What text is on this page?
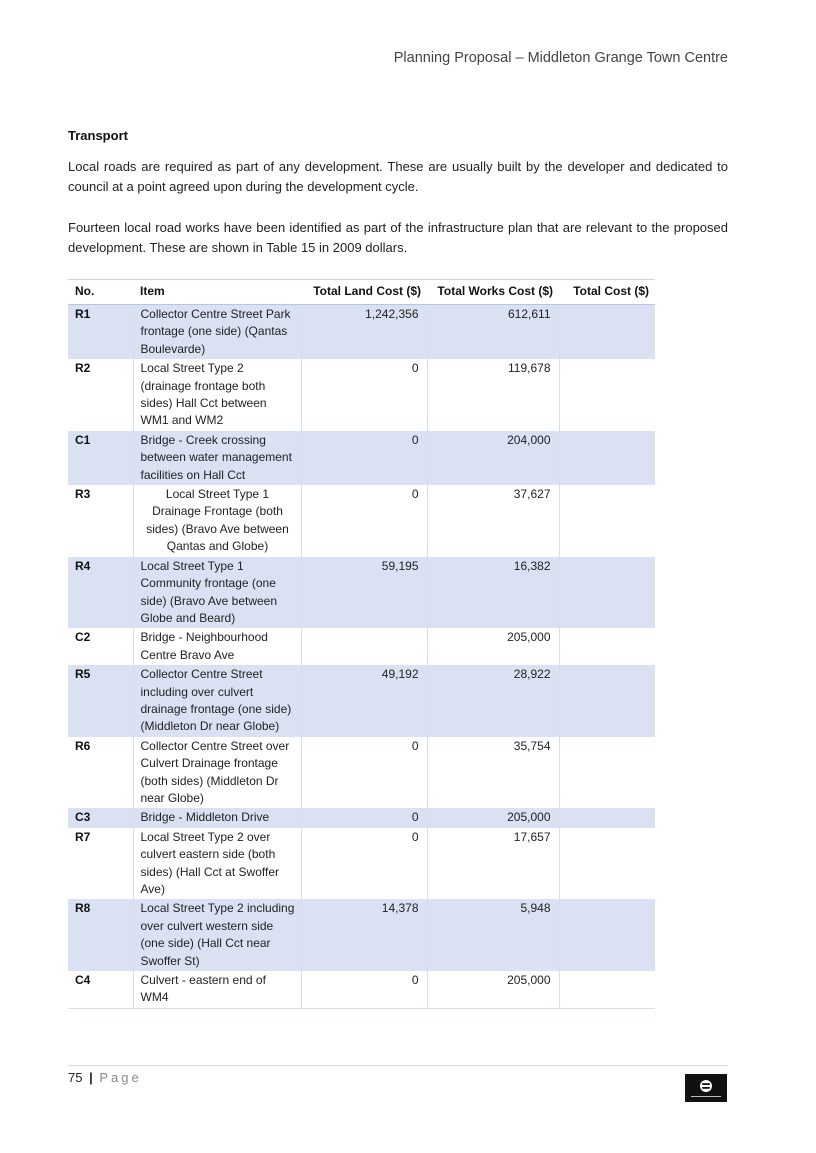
Planning Proposal – Middleton Grange Town Centre
Transport

Local roads are required as part of any development. These are usually built by the developer and dedicated to council at a point agreed upon during the development cycle.

Fourteen local road works have been identified as part of the infrastructure plan that are relevant to the proposed development. These are shown in Table 15 in 2009 dollars.

No.	Item	Total Land Cost ($)	Total Works Cost ($)	Total Cost ($)
R1	Collector Centre Street Park frontage (one side) (Qantas Boulevarde)	1,242,356	612,611	
R2	Local Street Type 2 (drainage frontage both sides) Hall Cct between WM1 and WM2	0	119,678	
C1	Bridge - Creek crossing between water management facilities on Hall Cct	0	204,000	
R3	Local Street Type 1 Drainage Frontage (both sides) (Bravo Ave between Qantas and Globe)	0	37,627	
R4	Local Street Type 1 Community frontage (one side) (Bravo Ave between Globe and Beard)	59,195	16,382	
C2	Bridge - Neighbourhood Centre Bravo Ave		205,000	
R5	Collector Centre Street including over culvert drainage frontage (one side) (Middleton Dr near Globe)	49,192	28,922	
R6	Collector Centre Street over Culvert Drainage frontage (both sides) (Middleton Dr near Globe)	0	35,754	
C3	Bridge - Middleton Drive	0	205,000	
R7	Local Street Type 2 over culvert eastern side (both sides) (Hall Cct at Swoffer Ave)	0	17,657	
R8	Local Street Type 2 including over culvert western side (one side) (Hall Cct near Swoffer St)	14,378	5,948	
C4	Culvert - eastern end of WM4	0	205,000	
75 | Page
